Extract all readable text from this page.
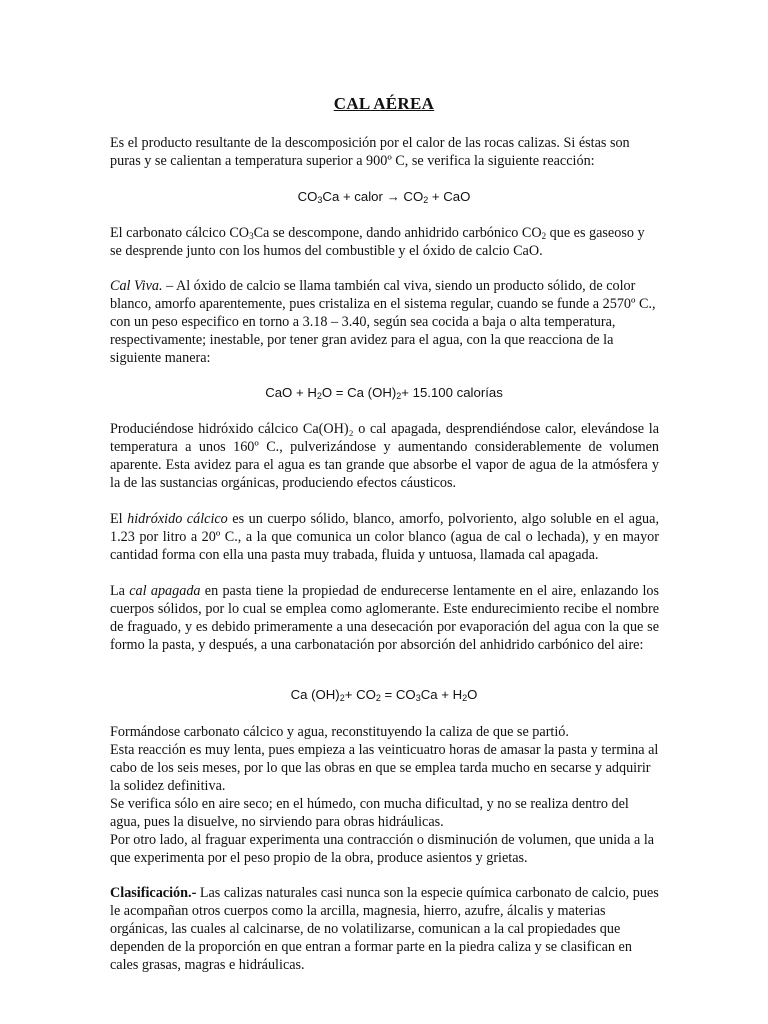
CAL AÉREA

Es el producto resultante de la descomposición por el calor de las rocas calizas. Si éstas son puras y se calientan a temperatura superior a 900º C, se verifica la siguiente reacción:

$CO_3Ca$ + calor → $CO_2$ + CaO

El carbonato cálcico $CO_3Ca$ se descompone, dando anhidrido carbónico $CO_2$ que es gaseoso y se desprende junto con los humos del combustible y el óxido de calcio CaO.

Cal Viva. – Al óxido de calcio se llama también cal viva, siendo un producto sólido, de color blanco, amorfo aparentemente, pues cristaliza en el sistema regular, cuando se funde a 2570º C., con un peso especifico en torno a 3.18 – 3.40, según sea cocida a baja o alta temperatura, respectivamente; inestable, por tener gran avidez para el agua, con la que reacciona de la siguiente manera:

CaO + $H_2O = Ca$ $(OH)_2+ 15.100$ calorías

Produciéndose hidróxido cálcico Ca(OH)₂ o cal apagada, desprendiéndose calor, elevándose la temperatura a unos 160º C., pulverizándose y aumentando considerablemente de volumen aparente. Esta avidez para el agua es tan grande que absorbe el vapor de agua de la atmósfera y la de las sustancias orgánicas, produciendo efectos cáusticos.

El hidróxido cálcico es un cuerpo sólido, blanco, amorfo, polvoriento, algo soluble en el agua, 1.23 por litro a 20º C., a la que comunica un color blanco (agua de cal o lechada), y en mayor cantidad forma con ella una pasta muy trabada, fluida y untuosa, llamada cal apagada.

La cal apagada en pasta tiene la propiedad de endurecerse lentamente en el aire, enlazando los cuerpos sólidos, por lo cual se emplea como aglomerante. Este endurecimiento recibe el nombre de fraguado, y es debido primeramente a una desecación por evaporación del agua con la que se formo la pasta, y después, a una carbonatación por absorción del anhidrido carbónico del aire:

Ca $(OH)_2+ CO_2 = CO_3Ca + H_2O$

Formándose carbonato cálcico y agua, reconstituyendo la caliza de que se partió.

Esta reacción es muy lenta, pues empieza a las veinticuatro horas de amasar la pasta y termina al cabo de los seis meses, por lo que las obras en que se emplea tarda mucho en secarse y adquirir la solidez definitiva.

Se verifica sólo en aire seco; en el húmedo, con mucha dificultad, y no se realiza dentro del agua, pues la disuelve, no sirviendo para obras hidráulicas.

Por otro lado, al fraguar experimenta una contracción o disminución de volumen, que unida a la que experimenta por el peso propio de la obra, produce asientos y grietas.

Clasificación.- Las calizas naturales casi nunca son la especie química carbonato de calcio, pues le acompañan otros cuerpos como la arcilla, magnesia, hierro, azufre, álcalis y materias orgánicas, las cuales al calcinarse, de no volatilizarse, comunican a la cal propiedades que dependen de la proporción en que entran a formar parte en la piedra caliza y se clasifican en cales grasas, magras e hidráulicas.
